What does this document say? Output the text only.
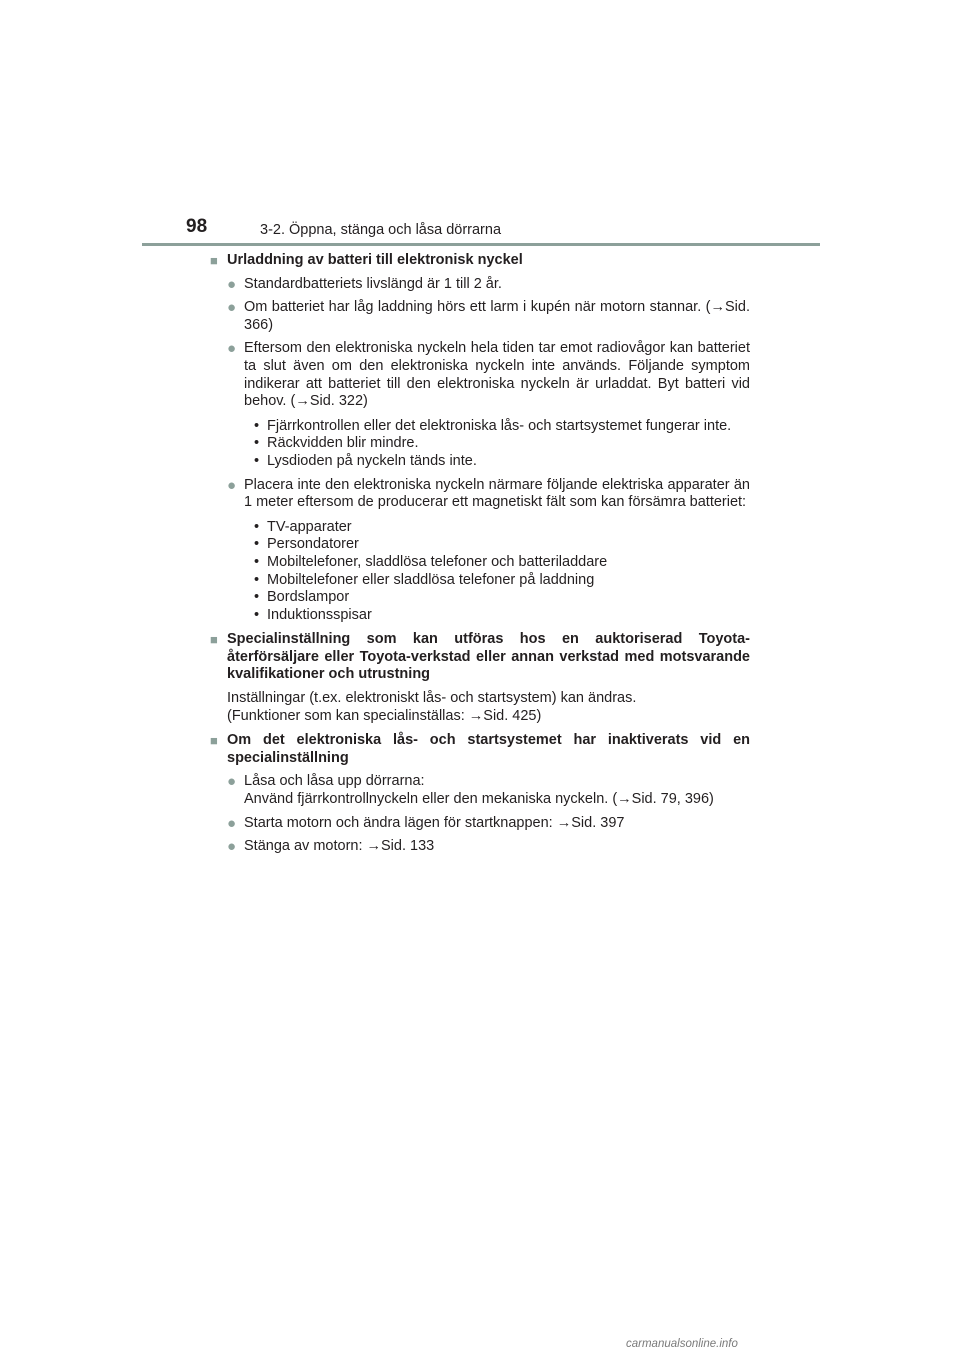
98	3-2. Öppna, stänga och låsa dörrarna
■ Urladdning av batteri till elektronisk nyckel
● Standardbatteriets livslängd är 1 till 2 år.
● Om batteriet har låg laddning hörs ett larm i kupén när motorn stannar. (→Sid. 366)
● Eftersom den elektroniska nyckeln hela tiden tar emot radiovågor kan batteriet ta slut även om den elektroniska nyckeln inte används. Följande symptom indikerar att batteriet till den elektroniska nyckeln är urladdat. Byt batteri vid behov. (→Sid. 322)
• Fjärrkontrollen eller det elektroniska lås- och startsystemet fungerar inte.
• Räckvidden blir mindre.
• Lysdioden på nyckeln tänds inte.
● Placera inte den elektroniska nyckeln närmare följande elektriska apparater än 1 meter eftersom de producerar ett magnetiskt fält som kan försämra batteriet:
• TV-apparater
• Persondatorer
• Mobiltelefoner, sladdlösa telefoner och batteriladdare
• Mobiltelefoner eller sladdlösa telefoner på laddning
• Bordslampor
• Induktionsspisar
■ Specialinställning som kan utföras hos en auktoriserad Toyota-återförsäljare eller Toyota-verkstad eller annan verkstad med motsvarande kvalifikationer och utrustning
Inställningar (t.ex. elektroniskt lås- och startsystem) kan ändras.
(Funktioner som kan specialinställas: →Sid. 425)
■ Om det elektroniska lås- och startsystemet har inaktiverats vid en specialinställning
● Låsa och låsa upp dörrarna:
Använd fjärrkontrollnyckeln eller den mekaniska nyckeln. (→Sid. 79, 396)
● Starta motorn och ändra lägen för startknappen: →Sid. 397
● Stänga av motorn: →Sid. 133
carmanualsonline.info
